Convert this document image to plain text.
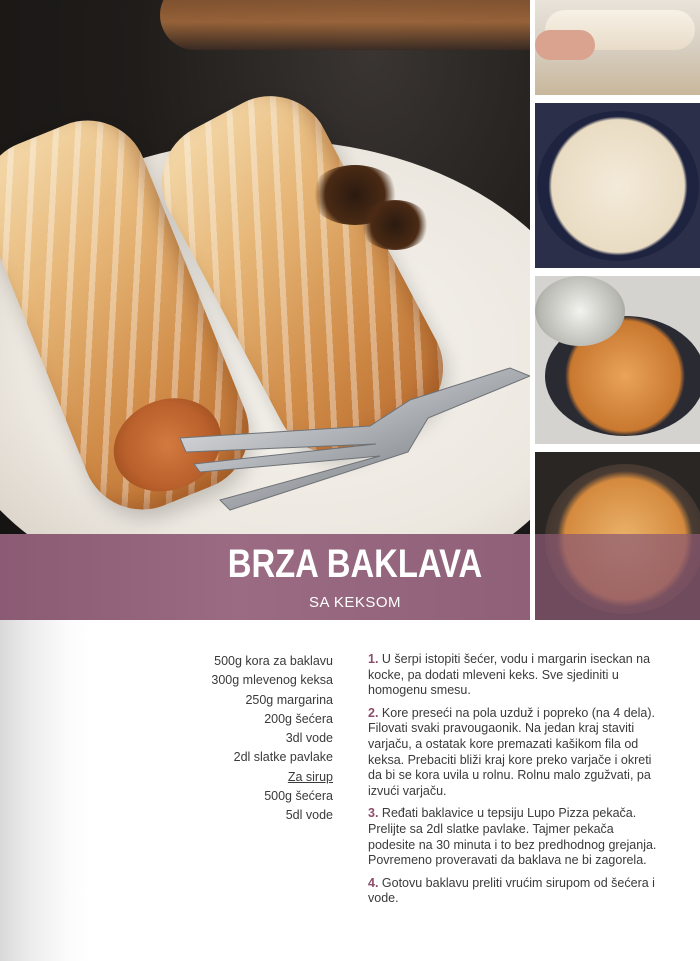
BRZA BAKLAVA
SA KEKSOM
500g kora za baklavu
300g mlevenog keksa
250g margarina
200g šećera
3dl vode
2dl slatke pavlake
Za sirup
500g šećera
5dl vode

1. U šerpi istopiti šećer, vodu i margarin iseckan na kocke, pa dodati mleveni keks. Sve sjediniti u homogenu smesu.

2. Kore preseći na pola uzduž i popreko (na 4 dela). Filovati svaki pravougaonik. Na jedan kraj staviti varjaču, a ostatak kore premazati kašikom fila od keksa. Prebaciti bliži kraj kore preko varjače i okreti da bi se kora uvila u rolnu. Rolnu malo zgužvati, pa izvući varjaču.

3. Ređati baklavice u tepsiju Lupo Pizza pekača. Prelijte sa 2dl slatke pavlake. Tajmer pekača podesite na 30 minuta i to bez predhodnog grejanja. Povremeno proveravati da baklava ne bi zagorela.

4. Gotovu baklavu preliti vrućim sirupom od šećera i vode.
